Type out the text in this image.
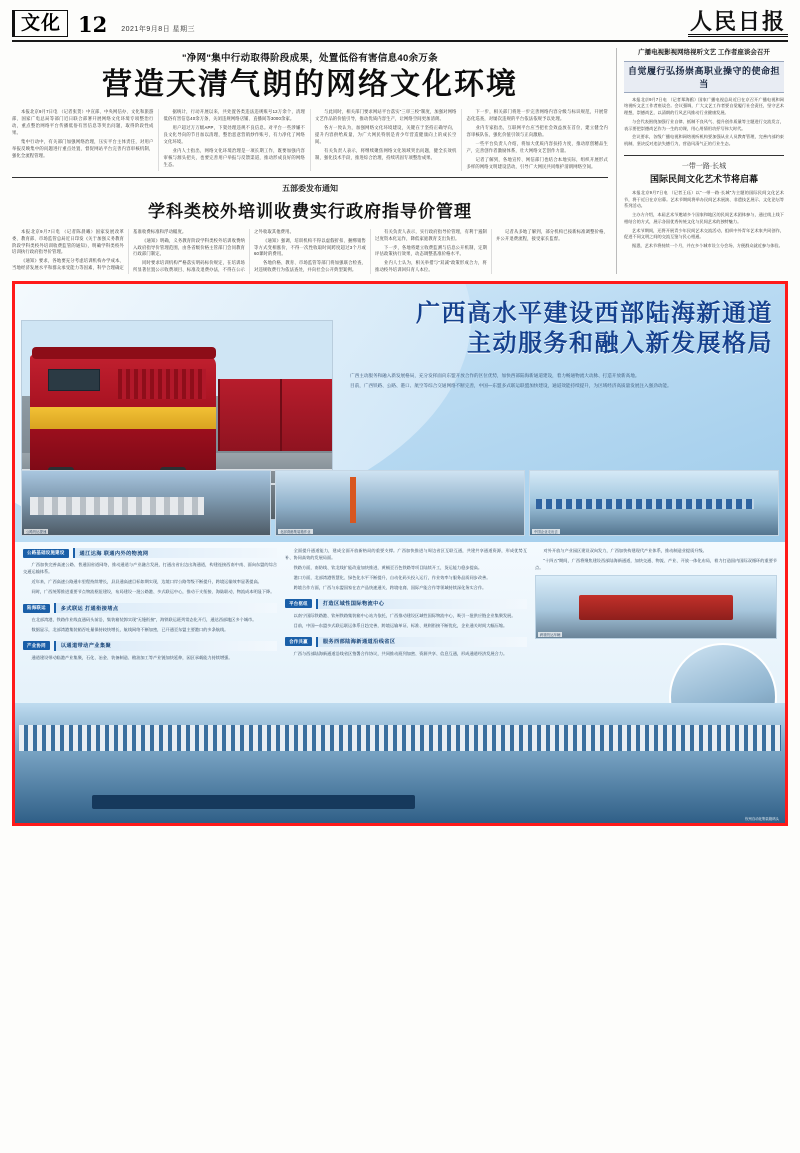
文化 12 2021年9月8日 星期三	人民日报
"净网"集中行动取得阶段成果，处置低俗有害信息40余万条
营造天清气朗的网络文化环境

本报北京9月7日电 （记者张贺）中宣部、中央网信办、文化和旅游部、国家广电总局等部门近日联合部署开展网络文化环境专项整治行动，重点整治网络平台传播低俗有害信息等突出问题，取得阶段性成果。

集中行动中，有关部门加强网络治理，压实平台主体责任，对用户举报反映集中的问题进行重点处置，督促网站平台完善内容审核机制，强化全流程管理。

据统计，行动开展以来，共处置各类违法违规账号12万余个，清理低俗有害信息40余万条，关闭违规网络店铺、直播间等3000余家。

用户超过万万级APP，下架处理违规不良信息。对平台一些涉嫌不良文化导向的节目加以清理，整治恶意营销炒作账号，有力净化了网络文化环境。

业内人士指出，网络文化环境治理是一项长期工作，既要加强内容审核与源头把关，也要完善用户举报与反馈渠道，推动形成良好的网络生态。

与此同时，相关部门要求网站平台落实"三审三校"制度，加强对网络文艺作品的价值引导，推动优质内容生产，让网络空间更加清朗。

各方一致认为，加强网络文化环境建设，关键在于坚持正确导向，提升内容供给质量，为广大网民特别是青少年营造健康向上的成长空间。

有关负责人表示，将继续聚焦网络文化领域突出问题，健全长效机制，强化技术手段，推进综合治理，持续巩固专项整治成果。

下一步，相关部门将进一步完善网络内容分级与标识规范，开展常态化巡查，对屡次违规的平台依法依规予以处理。

业内专家指出，互联网平台应当把社会效益放在首位，建立健全内容审核队伍，强化价值引领与正向激励。

一些平台负责人介绍，将加大优质内容扶持力度，推动原创精品生产，完善创作者激励体系，壮大网络文艺创作力量。

记者了解到，各地宣传、网信部门也结合本地实际，组织开展形式多样的网络文明建设活动，引导广大网民共同维护清朗网络空间。

五部委发布通知
学科类校外培训收费实行政府指导价管理

本报北京9月7日电 （记者陈晨曦）国家发展改革委、教育部、市场监管总局近日印发《关于加强义务教育阶段学科类校外培训收费监管的通知》，明确学科类校外培训执行政府指导价管理。

《通知》要求，各地要充分考虑培训机构办学成本、当地经济发展水平和群众承受能力等因素，科学合理确定基准收费标准和浮动幅度。

《通知》明确，义务教育阶段学科类校外培训收费纳入政府指导价管理范围，由各省级价格主管部门会同教育行政部门制定。

同时要求培训机构严格落实明码标价规定，在培训场所显著位置公示收费项目、标准及退费办法，不得在公示之外收取其他费用。

《通知》强调，培训机构不得以虚假折扣、捆绑销售等方式变相涨价，不得一次性收取时间跨度超过3个月或60课时的费用。

各地价格、教育、市场监管等部门将加强联合检查，对违规收费行为依法查处，并向社会公开典型案例。

有关负责人表示，实行政府指导价管理，有利于遏制过度资本化运作，降低家庭教育支出负担。

下一步，各地将建立收费监测与信息公开机制，定期评估政策执行效果，动态调整基准价格水平。

业内人士认为，相关举措与"双减"政策形成合力，将推动校外培训回归育人本位。

记者从多地了解到，部分机构已按新标准调整价格，并公开退费流程，接受家长监督。

广播电视影视网络视听文艺 工作者座谈会召开
自觉履行弘扬崇高职业操守的使命担当

本报北京9月7日电 （记者郑海鸥）国家广播电视总局近日在京召开广播电视和网络视听文艺工作者座谈会。会议强调，广大文艺工作者要自觉履行社会责任，坚守艺术理想，崇德尚艺，以清朗的行风艺风推动行业健康发展。

与会代表围绕加强行业自律、抵制不良风气、提升创作质量等主题进行交流发言，表示要把崇德尚艺作为一生的功课，用心用情用功抒写伟大时代。

会议要求，各级广播电视和网络视听机构要加强从业人员教育管理，完善内部约束机制，坚决反对违法失德行为，营造风清气正的行业生态。

一带一路·长城
国际民间文化艺术节将启幕

本报北京9月7日电 （记者王珏）以"一带一路·长城"为主题的国际民间文化艺术节，将于近日在京启幕。艺术节期间将举办民间艺术展演、非遗技艺展示、文化论坛等系列活动。

主办方介绍，本届艺术节邀请多个国家和地区的民间艺术团体参与，通过线上线下相结合的方式，展示各国优秀传统文化与民间艺术的独特魅力。

艺术节期间，还将开展青少年民间艺术交流活动，组织中外青年艺术家共同创作，促进不同文明之间的交流互鉴与民心相通。

据悉，艺术节将持续一个月，并在多个城市设立分会场，方便群众就近参与体验。

广西高水平建设西部陆海新通道
主动服务和融入新发展格局

广西主动服务和融入新发展格局，充分发挥面向东盟开放合作的区位优势，加快西部陆海新通道建设，着力畅通物流大动脉、打造开放新高地。

目前，广西铁路、公路、港口、航空等综合交通网络不断完善，中国—东盟多式联运联盟加快建设，通道效能持续提升，为区域经济高质量发展注入强劲动能。

公路货运提速	北部湾港集装箱作业	中国企业走出去
公路基础设施建设	通江达海 联通内外的物流网

广西加快完善高速公路、普通国省道网络，推动通道与产业融合发展，打通出省出边出海通道，构建连接西南中南、面向东盟的综合交通运输体系。

近年来，广西高速公路通车里程持续增长，县县通高速目标如期实现，边境口岸公路等级不断提升，跨境运输效率显著提高。

同时，广西统筹推进重要节点物流枢纽建设，布局建设一批公路港、多式联运中心，推动干支衔接、海陆联动，物流成本明显下降。

陆海联运	多式联运 打通衔接堵点

在北部湾港，铁路作业线直通码头前沿，集装箱装卸实现"无缝衔接"，海铁联运班列常态化开行，通达西部地区多个城市。

数据显示，北部湾港集装箱吞吐量保持较快增长，航线网络不断加密，已开通至东盟主要港口的多条航线。

产业协同	以通道带动产业集聚

通道建设带动临港产业集聚，石化、冶金、装备制造、粮油加工等产业链加快延伸，园区承载能力持续增强。

全面提升通道能力，建成全面开放新格局的重要支撑。广西加快推进与周边省区互联互通，共建共享通道资源，形成优势互补、协同高效的发展局面。

铁路方面，南防线、钦北线扩能改造加快推进，黄桶至百色铁路等项目陆续开工，货运能力稳步提高。

港口方面，北部湾港智慧化、绿色化水平不断提升，自动化码头投入运行，作业效率与服务品质同步改善。

跨境合作方面，广西与东盟国家在农产品快速通关、跨境电商、国际产能合作等领域持续深化务实合作。

平台枢纽	打造区域性国际物流中心

以南宁国际铁路港、钦州铁路集装箱中心站为依托，广西推动建设区域性国际物流中心，吸引一批供应链企业集聚发展。

目前，中国—东盟多式联运联运体系日趋完善，跨境运输单证、标准、规则衔接不断优化，企业通关时间大幅压缩。

合作共赢	服务西部陆海新通道沿线省区

广西与西部陆海新通道沿线省区签署合作协议，共同推动班列加密、资源共享、信息互通，形成通道经济发展合力。

对外开放与产业园区建设双向发力，广西加快构建现代产业体系，推动制造业提质升级。

"十四五"期间，广西将聚焦建设西部陆海新通道，加快交通、物流、产业、开放一体化布局，着力打造国内国际双循环的重要节点。

跨境货运车辆

钦州自动化集装箱码头
